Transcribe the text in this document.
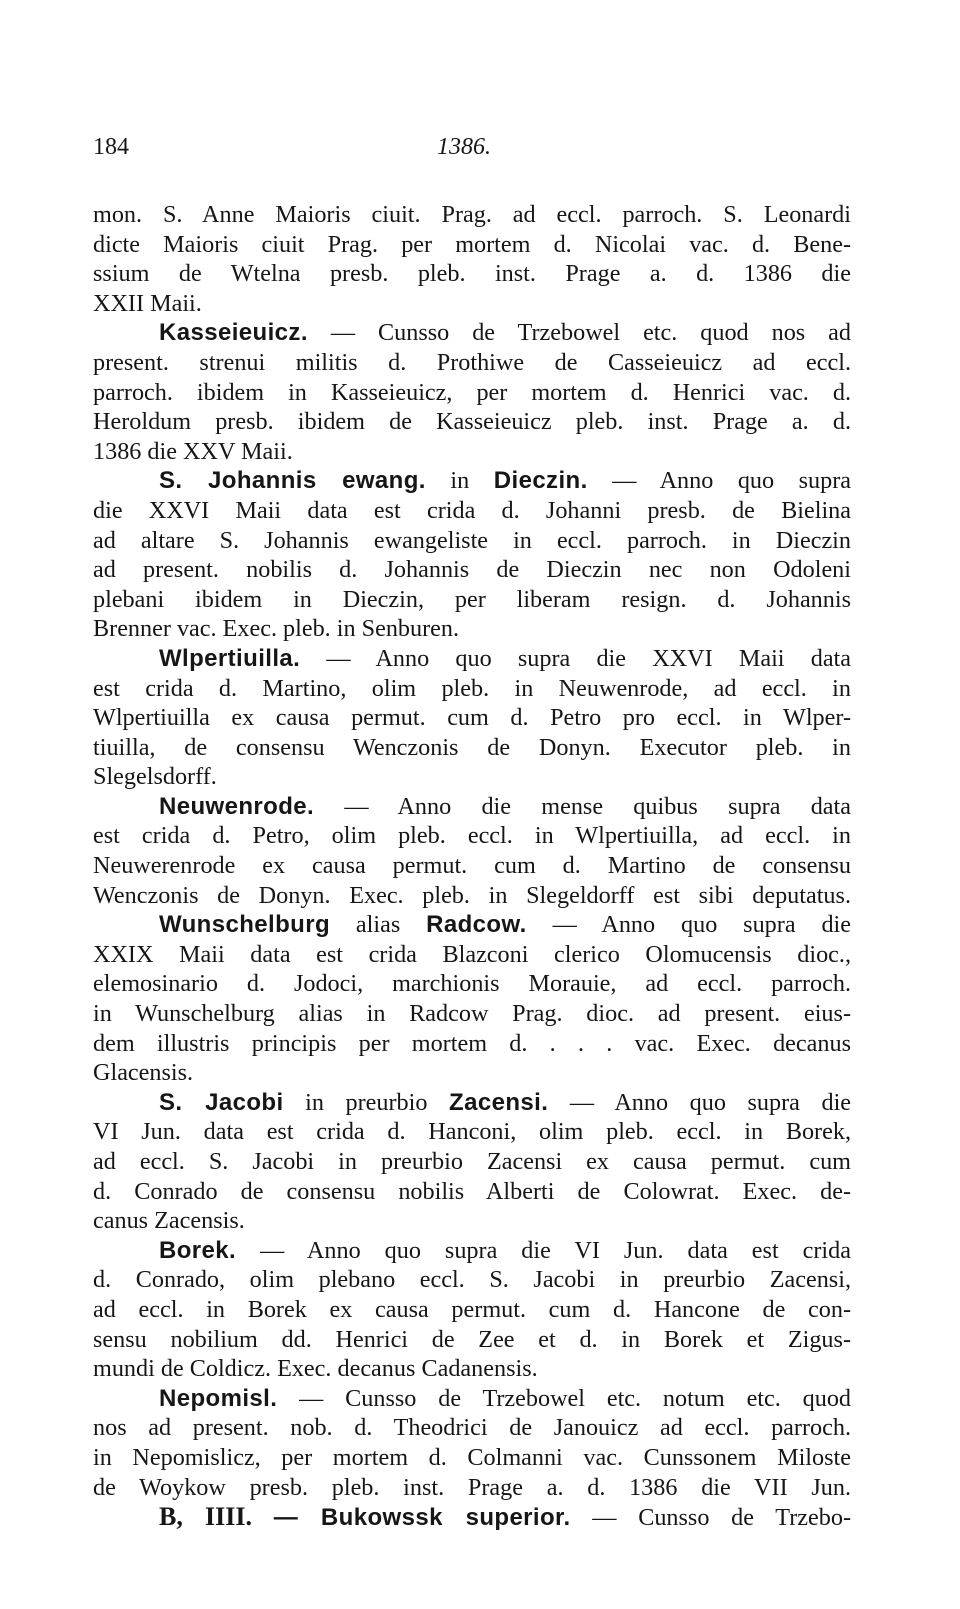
184	1386.
mon. S. Anne Maioris ciuit. Prag. ad eccl. parroch. S. Leonardi
dicte Maioris ciuit Prag. per mortem d. Nicolai vac. d. Bene-
ssium de Wtelna presb. pleb. inst. Prage a. d. 1386 die
XXII Maii.
Kasseieuicz. — Cunsso de Trzebowel etc. quod nos ad
present. strenui militis d. Prothiwe de Casseieuicz ad eccl.
parroch. ibidem in Kasseieuicz, per mortem d. Henrici vac. d.
Heroldum presb. ibidem de Kasseieuicz pleb. inst. Prage a. d.
1386 die XXV Maii.
S. Johannis ewang. in Dieczin. — Anno quo supra
die XXVI Maii data est crida d. Johanni presb. de Bielina
ad altare S. Johannis ewangeliste in eccl. parroch. in Dieczin
ad present. nobilis d. Johannis de Dieczin nec non Odoleni
plebani ibidem in Dieczin, per liberam resign. d. Johannis
Brenner vac. Exec. pleb. in Senburen.
Wlpertiuilla. — Anno quo supra die XXVI Maii data
est crida d. Martino, olim pleb. in Neuwenrode, ad eccl. in
Wlpertiuilla ex causa permut. cum d. Petro pro eccl. in Wlper-
tiuilla, de consensu Wenczonis de Donyn. Executor pleb. in
Slegelsdorff.
Neuwenrode. — Anno die mense quibus supra data
est crida d. Petro, olim pleb. eccl. in Wlpertiuilla, ad eccl. in
Neuwerenrode ex causa permut. cum d. Martino de consensu
Wenczonis de Donyn. Exec. pleb. in Slegeldorff est sibi deputatus.
Wunschelburg alias Radcow. — Anno quo supra die
XXIX Maii data est crida Blazconi clerico Olomucensis dioc.,
elemosinario d. Jodoci, marchionis Morauie, ad eccl. parroch.
in Wunschelburg alias in Radcow Prag. dioc. ad present. eius-
dem illustris principis per mortem d. . . . vac. Exec. decanus
Glacensis.
S. Jacobi in preurbio Zacensi. — Anno quo supra die
VI Jun. data est crida d. Hanconi, olim pleb. eccl. in Borek,
ad eccl. S. Jacobi in preurbio Zacensi ex causa permut. cum
d. Conrado de consensu nobilis Alberti de Colowrat. Exec. de-
canus Zacensis.
Borek. — Anno quo supra die VI Jun. data est crida
d. Conrado, olim plebano eccl. S. Jacobi in preurbio Zacensi,
ad eccl. in Borek ex causa permut. cum d. Hancone de con-
sensu nobilium dd. Henrici de Zee et d. in Borek et Zigus-
mundi de Coldicz. Exec. decanus Cadanensis.
Nepomisl. — Cunsso de Trzebowel etc. notum etc. quod
nos ad present. nob. d. Theodrici de Janouicz ad eccl. parroch.
in Nepomislicz, per mortem d. Colmanni vac. Cunssonem Miloste
de Woykow presb. pleb. inst. Prage a. d. 1386 die VII Jun.
B, IIII. — Bukowssk superior. — Cunsso de Trzebo-
